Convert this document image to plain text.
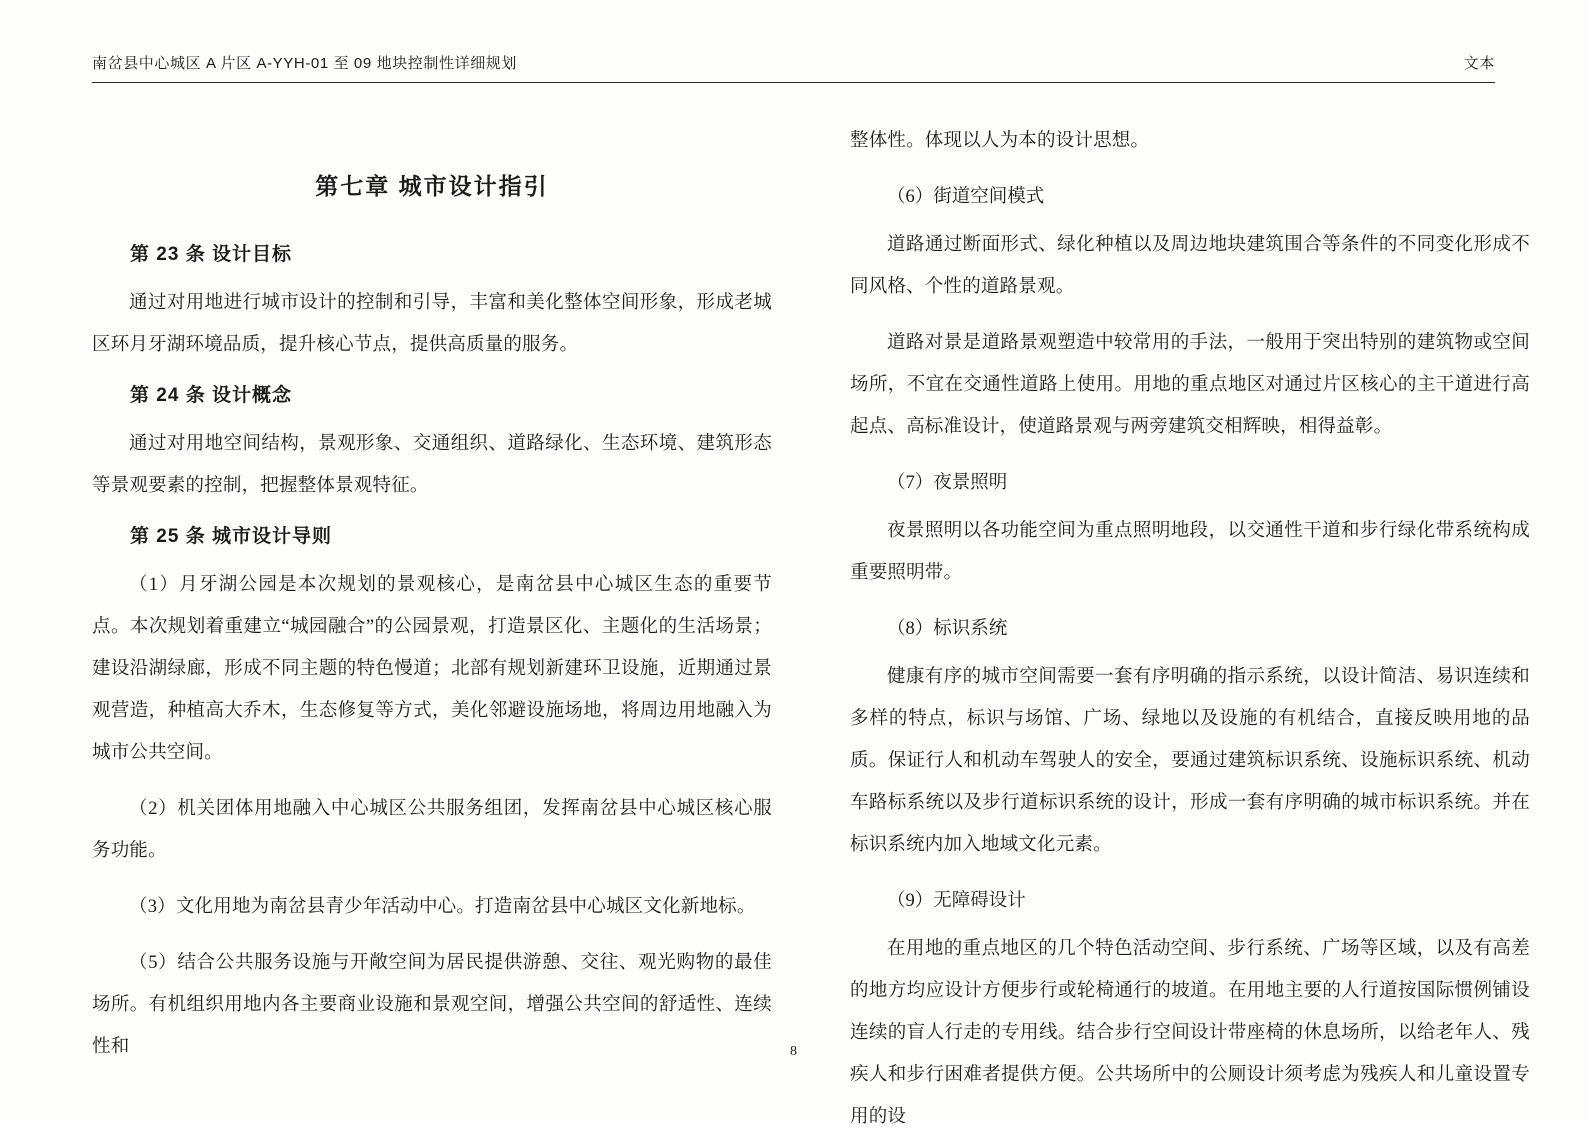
南岔县中心城区 A 片区 A-YYH-01 至 09 地块控制性详细规划	文本
第七章 城市设计指引
第 23 条 设计目标

通过对用地进行城市设计的控制和引导，丰富和美化整体空间形象，形成老城区环月牙湖环境品质，提升核心节点，提供高质量的服务。

第 24 条 设计概念

通过对用地空间结构，景观形象、交通组织、道路绿化、生态环境、建筑形态等景观要素的控制，把握整体景观特征。

第 25 条 城市设计导则

（1）月牙湖公园是本次规划的景观核心，是南岔县中心城区生态的重要节点。本次规划着重建立“城园融合”的公园景观，打造景区化、主题化的生活场景；建设沿湖绿廊，形成不同主题的特色慢道；北部有规划新建环卫设施，近期通过景观营造，种植高大乔木，生态修复等方式，美化邻避设施场地，将周边用地融入为城市公共空间。

（2）机关团体用地融入中心城区公共服务组团，发挥南岔县中心城区核心服务功能。

（3）文化用地为南岔县青少年活动中心。打造南岔县中心城区文化新地标。

（5）结合公共服务设施与开敞空间为居民提供游憩、交往、观光购物的最佳场所。有机组织用地内各主要商业设施和景观空间，增强公共空间的舒适性、连续性和

整体性。体现以人为本的设计思想。

（6）街道空间模式

道路通过断面形式、绿化种植以及周边地块建筑围合等条件的不同变化形成不同风格、个性的道路景观。

道路对景是道路景观塑造中较常用的手法，一般用于突出特别的建筑物或空间场所，不宜在交通性道路上使用。用地的重点地区对通过片区核心的主干道进行高起点、高标准设计，使道路景观与两旁建筑交相辉映，相得益彰。

（7）夜景照明

夜景照明以各功能空间为重点照明地段，以交通性干道和步行绿化带系统构成重要照明带。

（8）标识系统

健康有序的城市空间需要一套有序明确的指示系统，以设计简洁、易识连续和多样的特点，标识与场馆、广场、绿地以及设施的有机结合，直接反映用地的品质。保证行人和机动车驾驶人的安全，要通过建筑标识系统、设施标识系统、机动车路标系统以及步行道标识系统的设计，形成一套有序明确的城市标识系统。并在标识系统内加入地域文化元素。

（9）无障碍设计

在用地的重点地区的几个特色活动空间、步行系统、广场等区域，以及有高差的地方均应设计方便步行或轮椅通行的坡道。在用地主要的人行道按国际惯例铺设连续的盲人行走的专用线。结合步行空间设计带座椅的休息场所，以给老年人、残疾人和步行困难者提供方便。公共场所中的公厕设计须考虑为残疾人和儿童设置专用的设

8
